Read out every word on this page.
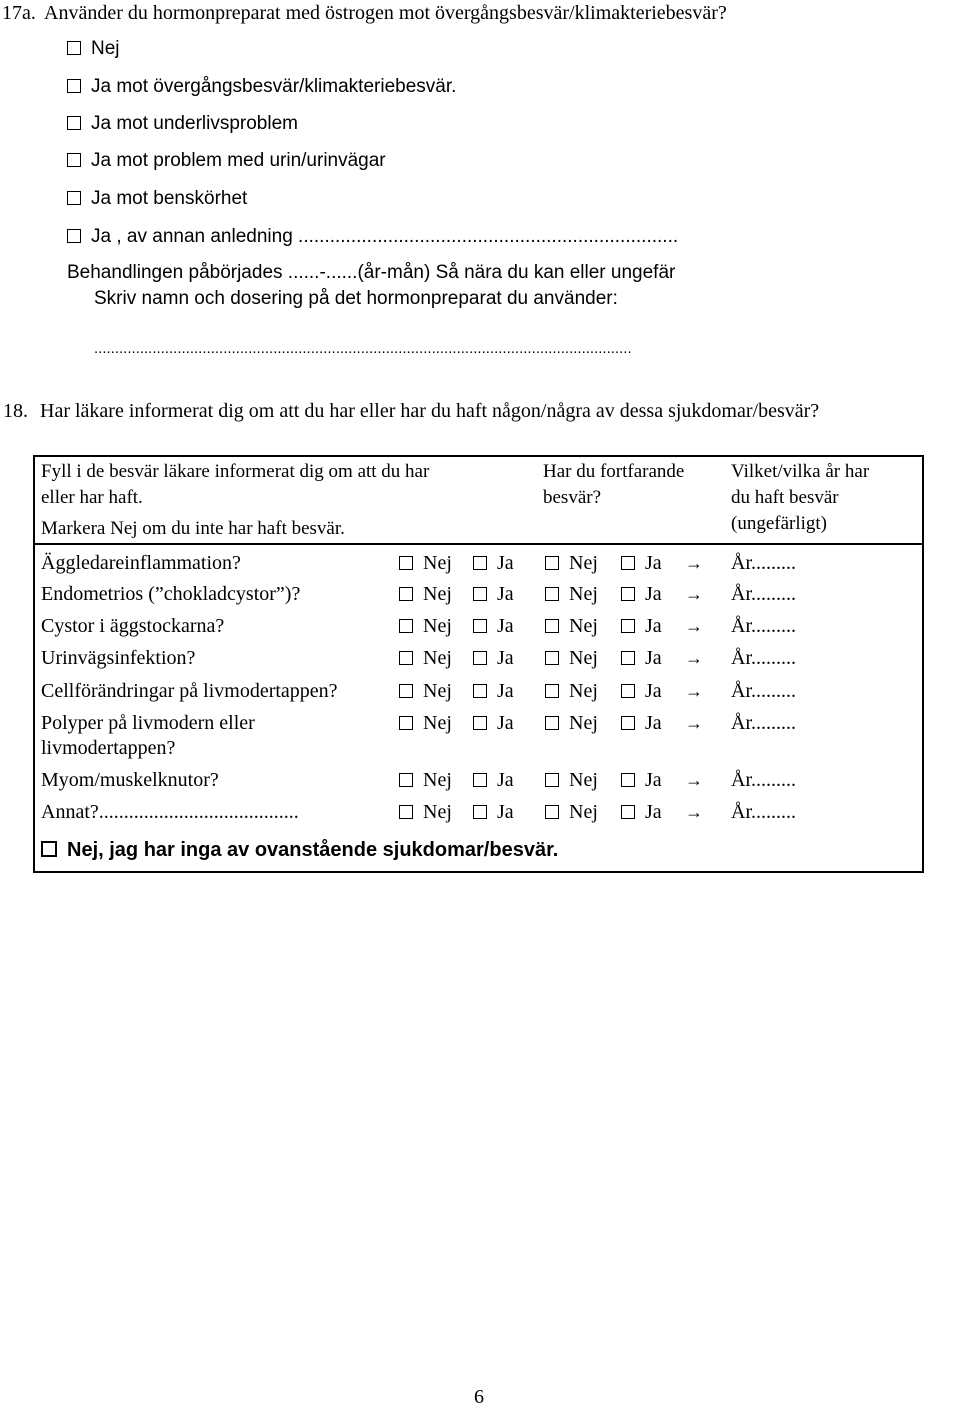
17a. Använder du hormonpreparat med östrogen mot övergångsbesvär/klimakteriebesvär?
Nej
Ja mot övergångsbesvär/klimakteriebesvär.
Ja mot underlivsproblem
Ja mot problem med urin/urinvägar
Ja mot benskörhet
Ja , av annan anledning ........................................................................
Behandlingen påbörjades ......-......(år-mån) Så nära du kan eller ungefär
Skriv namn och dosering på det hormonpreparat du använder:
.................................................................................................................................
18. Har läkare informerat dig om att du har eller har du haft någon/några av dessa sjukdomar/besvär?
Fyll i de besvär läkare informerat dig om att du har
eller har haft.
Markera Nej om du inte har haft besvär.
Har du fortfarande
besvär?
Vilket/vilka år har
du haft besvär
(ungefärligt)
Äggledareinflammation?	Nej	Ja	Nej	Ja → År.........
Endometrios (”chokladcystor”)?	Nej	Ja	Nej	Ja → År.........
Cystor i äggstockarna?	Nej	Ja	Nej	Ja → År.........
Urinvägsinfektion?	Nej	Ja	Nej	Ja → År.........
Cellförändringar på livmodertappen?	Nej	Ja	Nej	Ja → År.........
Polyper på livmodern eller
livmodertappen?
Nej	Ja	Nej	Ja → År.........
Myom/muskelknutor?	Nej	Ja	Nej	Ja → År.........
Annat?........................................	Nej	Ja	Nej	Ja → År.........
Nej, jag har inga av ovanstående sjukdomar/besvär.
6
